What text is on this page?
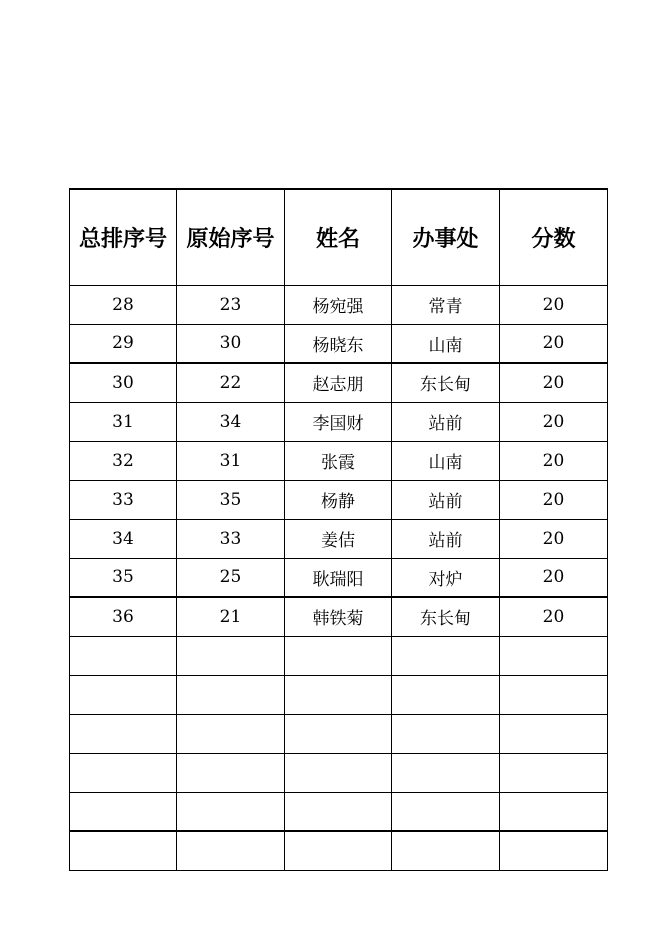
总排序号	原始序号	姓名	办事处	分数
28	23	杨宛强	常青	20
29	30	杨晓东	山南	20
30	22	赵志朋	东长甸	20
31	34	李国财	站前	20
32	31	张霞	山南	20
33	35	杨静	站前	20
34	33	姜佶	站前	20
35	25	耿瑞阳	对炉	20
36	21	韩铁菊	东长甸	20
